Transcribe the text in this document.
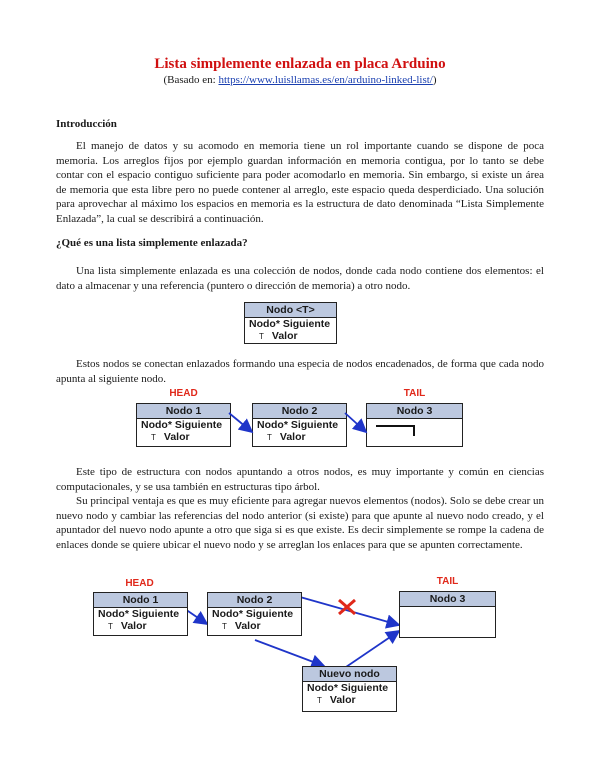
Lista simplemente enlazada en placa Arduino
(Basado en: https://www.luisllamas.es/en/arduino-linked-list/)
Introducción
El manejo de datos y su acomodo en memoria tiene un rol importante cuando se dispone de poca memoria. Los arreglos fijos por ejemplo guardan información en memoria contigua, por lo tanto se debe contar con el espacio contiguo suficiente para poder acomodarlo en memoria. Sin embargo, si existe un área de memoria que esta libre pero no puede contener al arreglo, este espacio queda desperdiciado. Una solución para aprovechar al máximo los espacios en memoria es la estructura de dato denominada “Lista Simplemente Enlazada”, la cual se describirá a continuación.
¿Qué es una lista simplemente enlazada?
Una lista simplemente enlazada es una colección de nodos, donde cada nodo contiene dos elementos: el dato a almacenar y una referencia (puntero o dirección de memoria) a otro nodo.
Nodo <T>
Nodo* Siguiente
T Valor
Estos nodos se conectan enlazados formando una especia de nodos encadenados, de forma que cada nodo apunta al siguiente nodo.
HEAD	TAIL
Nodo 1
Nodo* Siguiente
T Valor
Nodo 2
Nodo* Siguiente
T Valor
Nodo 3
Este tipo de estructura con nodos apuntando a otros nodos, es muy importante y común en ciencias computacionales, y se usa también en estructuras tipo árbol.
Su principal ventaja es que es muy eficiente para agregar nuevos elementos (nodos). Solo se debe crear un nuevo nodo y cambiar las referencias del nodo anterior (si existe) para que apunte al nuevo nodo creado, y el apuntador del nuevo nodo apunte a otro que siga si es que existe. Es decir simplemente se rompe la cadena de enlaces donde se quiere ubicar el nuevo nodo y se arreglan los enlaces para que se apunten correctamente.
HEAD	TAIL
Nodo 1
Nodo* Siguiente
T Valor
Nodo 2
Nodo* Siguiente
T Valor
Nodo 3
Nuevo nodo
Nodo* Siguiente
T Valor
